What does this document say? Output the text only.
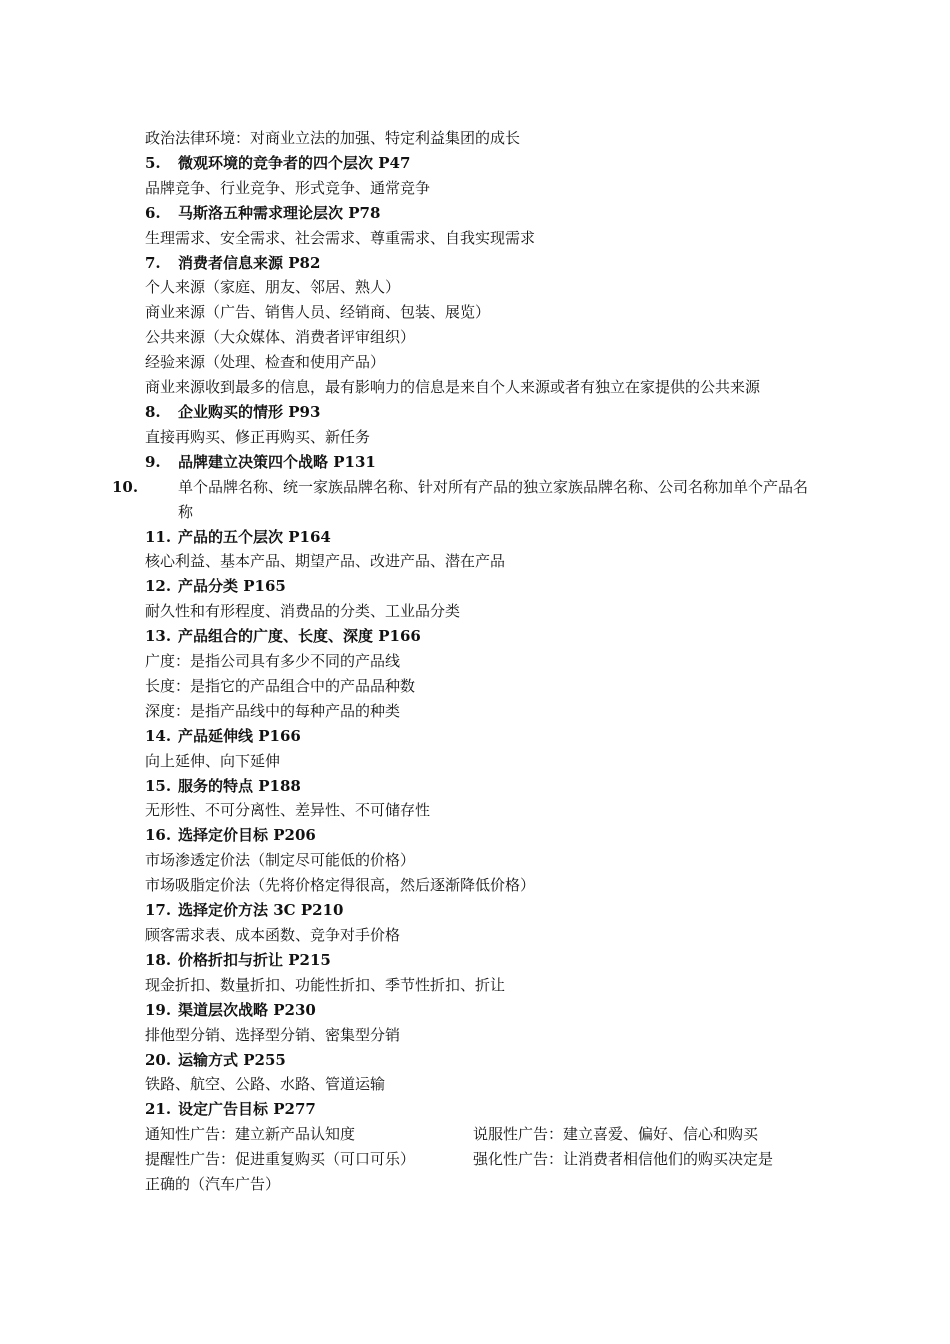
政治法律环境：对商业立法的加强、特定利益集团的成长

5. 微观环境的竞争者的四个层次 P47

品牌竞争、行业竞争、形式竞争、通常竞争

6. 马斯洛五种需求理论层次 P78

生理需求、安全需求、社会需求、尊重需求、自我实现需求

7. 消费者信息来源 P82

个人来源（家庭、朋友、邻居、熟人）

商业来源（广告、销售人员、经销商、包装、展览）

公共来源（大众媒体、消费者评审组织）

经验来源（处理、检查和使用产品）

商业来源收到最多的信息，最有影响力的信息是来自个人来源或者有独立在家提供的公共来源

8. 企业购买的情形 P93

直接再购买、修正再购买、新任务

9. 品牌建立决策四个战略 P131

10.	单个品牌名称、统一家族品牌名称、针对所有产品的独立家族品牌名称、公司名称加单个产品名称

11. 产品的五个层次 P164

核心利益、基本产品、期望产品、改进产品、潜在产品

12. 产品分类 P165

耐久性和有形程度、消费品的分类、工业品分类

13. 产品组合的广度、长度、深度 P166

广度：是指公司具有多少不同的产品线

长度：是指它的产品组合中的产品品种数

深度：是指产品线中的每种产品的种类

14. 产品延伸线 P166

向上延伸、向下延伸

15. 服务的特点 P188

无形性、不可分离性、差异性、不可储存性

16. 选择定价目标 P206

市场渗透定价法（制定尽可能低的价格）

市场吸脂定价法（先将价格定得很高，然后逐渐降低价格）

17. 选择定价方法 3C P210

顾客需求表、成本函数、竞争对手价格

18. 价格折扣与折让 P215

现金折扣、数量折扣、功能性折扣、季节性折扣、折让

19. 渠道层次战略 P230

排他型分销、选择型分销、密集型分销

20. 运输方式 P255

铁路、航空、公路、水路、管道运输

21. 设定广告目标 P277

通知性广告：建立新产品认知度	说服性广告：建立喜爱、偏好、信心和购买
提醒性广告：促进重复购买（可口可乐）	强化性广告：让消费者相信他们的购买决定是

正确的（汽车广告）
